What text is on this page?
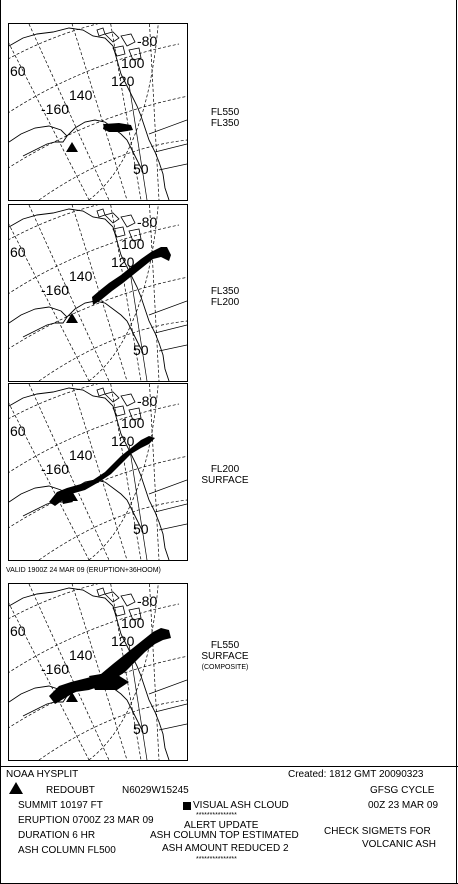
60
50
-160
140
120
100
-80
FL550
FL350
60
50
-160
140
120
100
-80
FL350
FL200
60
50
-160
140
120
100
-80
FL200
SURFACE
VALID 1900Z 24 MAR 09 (ERUPTION+36HOOM)
60
50
-160
140
120
100
-80
FL550
SURFACE
(COMPOSITE)
NOAA HYSPLIT	Created: 1812 GMT 20090323
REDOUBT	N6029W15245	GFSG CYCLE
SUMMIT 10197 FT	VISUAL ASH CLOUD	00Z 23 MAR 09
***************
ERUPTION 0700Z 23 MAR 09	ALERT UPDATE
DURATION 6 HR	ASH COLUMN TOP ESTIMATED	CHECK SIGMETS FOR
ASH COLUMN FL500	ASH AMOUNT REDUCED 2	VOLCANIC ASH
***************
